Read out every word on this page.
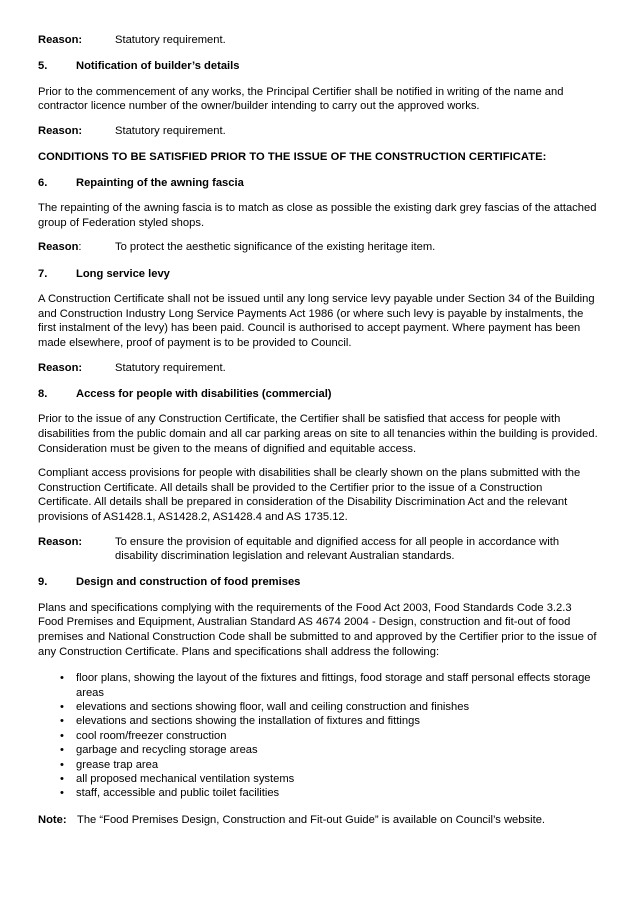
Reason:	Statutory requirement.
5.	Notification of builder’s details
Prior to the commencement of any works, the Principal Certifier shall be notified in writing of the name and contractor licence number of the owner/builder intending to carry out the approved works.
Reason:	Statutory requirement.
CONDITIONS TO BE SATISFIED PRIOR TO THE ISSUE OF THE CONSTRUCTION CERTIFICATE:
6.	Repainting of the awning fascia
The repainting of the awning fascia is to match as close as possible the existing dark grey fascias of the attached group of Federation styled shops.
Reason:	To protect the aesthetic significance of the existing heritage item.
7.	Long service levy
A Construction Certificate shall not be issued until any long service levy payable under Section 34 of the Building and Construction Industry Long Service Payments Act 1986 (or where such levy is payable by instalments, the first instalment of the levy) has been paid. Council is authorised to accept payment. Where payment has been made elsewhere, proof of payment is to be provided to Council.
Reason:	Statutory requirement.
8.	Access for people with disabilities (commercial)
Prior to the issue of any Construction Certificate, the Certifier shall be satisfied that access for people with disabilities from the public domain and all car parking areas on site to all tenancies within the building is provided. Consideration must be given to the means of dignified and equitable access.
Compliant access provisions for people with disabilities shall be clearly shown on the plans submitted with the Construction Certificate. All details shall be provided to the Certifier prior to the issue of a Construction Certificate. All details shall be prepared in consideration of the Disability Discrimination Act and the relevant provisions of AS1428.1, AS1428.2, AS1428.4 and AS 1735.12.
Reason:	To ensure the provision of equitable and dignified access for all people in accordance with disability discrimination legislation and relevant Australian standards.
9.	Design and construction of food premises
Plans and specifications complying with the requirements of the Food Act 2003, Food Standards Code 3.2.3 Food Premises and Equipment, Australian Standard AS 4674 2004 - Design, construction and fit-out of food premises and National Construction Code shall be submitted to and approved by the Certifier prior to the issue of any Construction Certificate. Plans and specifications shall address the following:
• floor plans, showing the layout of the fixtures and fittings, food storage and staff personal effects storage areas
• elevations and sections showing floor, wall and ceiling construction and finishes
• elevations and sections showing the installation of fixtures and fittings
• cool room/freezer construction
• garbage and recycling storage areas
• grease trap area
• all proposed mechanical ventilation systems
• staff, accessible and public toilet facilities
Note: The “Food Premises Design, Construction and Fit-out Guide” is available on Council’s website.
